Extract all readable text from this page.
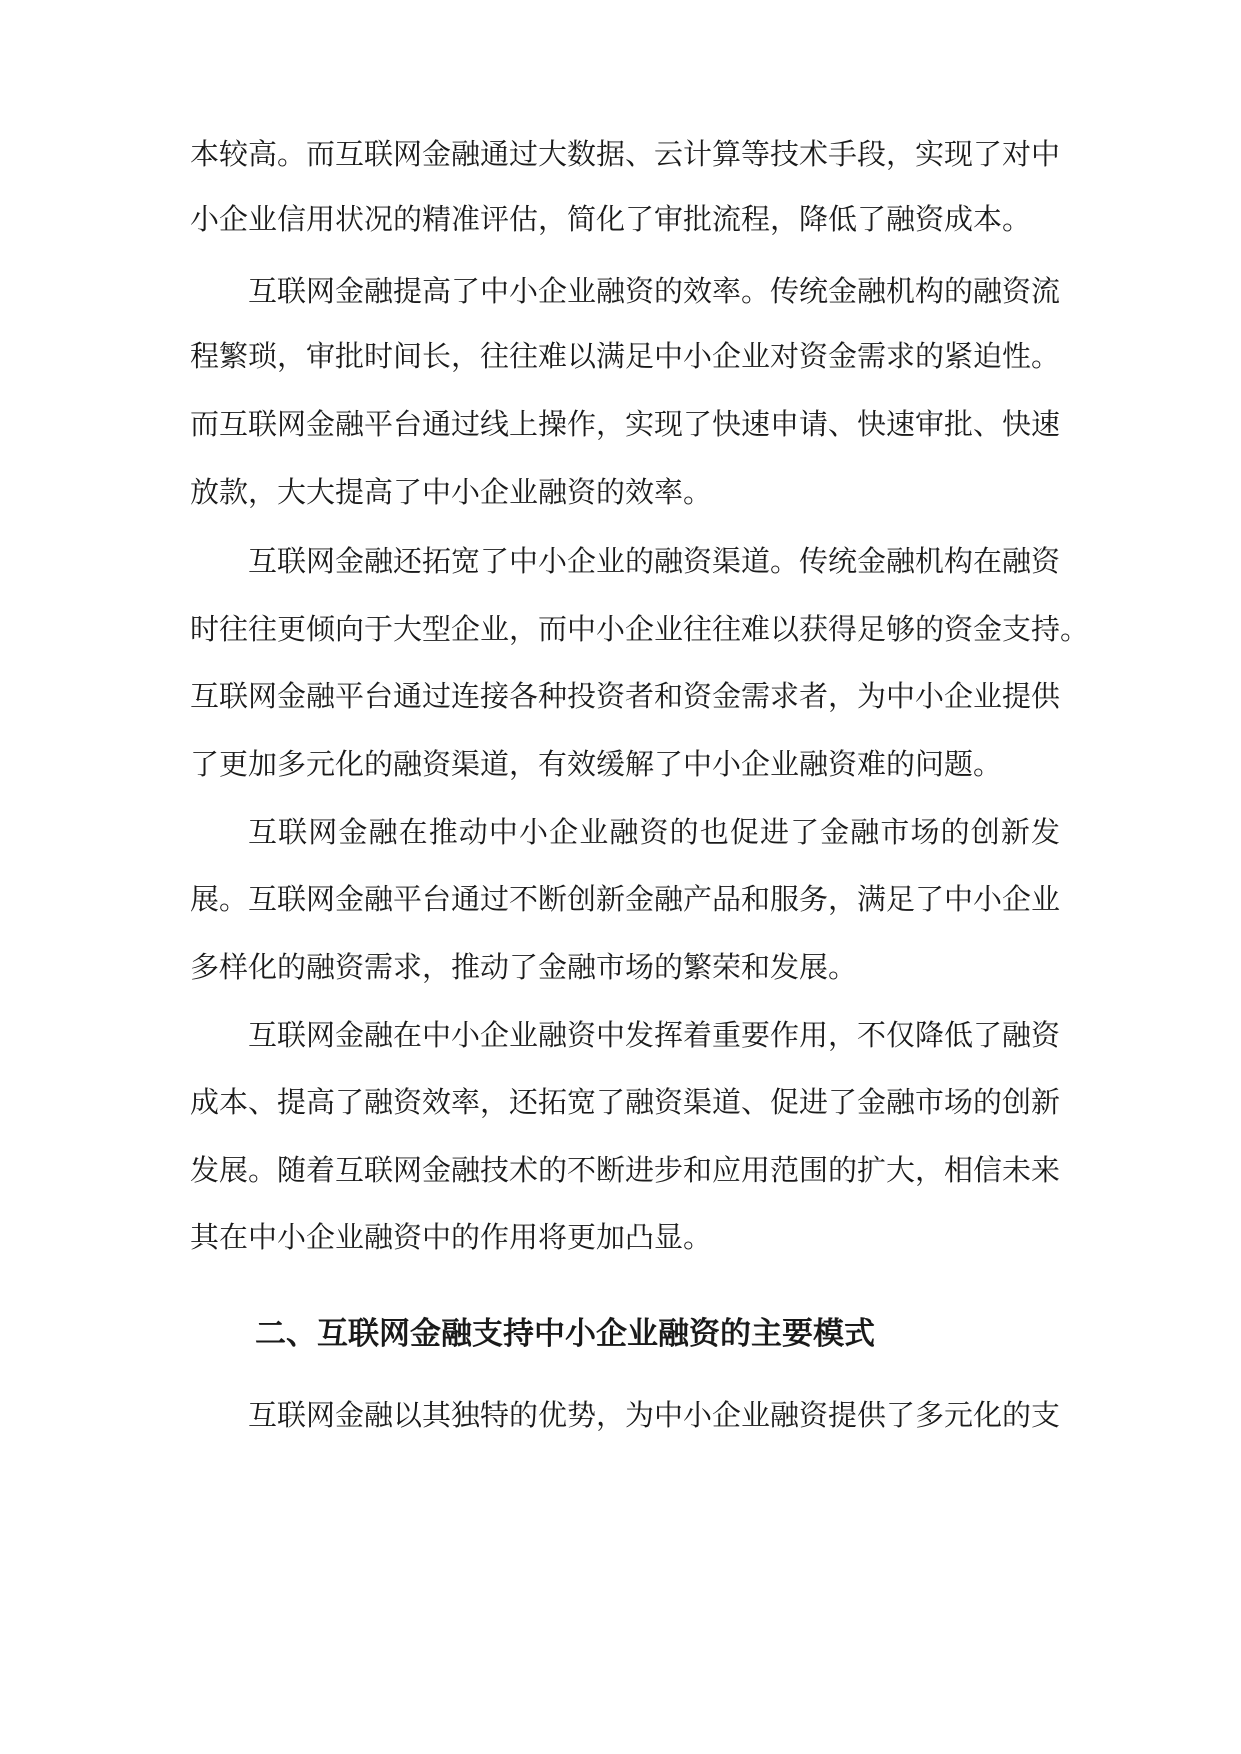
本较高。而互联网金融通过大数据、云计算等技术手段，实现了对中
小企业信用状况的精准评估，简化了审批流程，降低了融资成本。
互联网金融提高了中小企业融资的效率。传统金融机构的融资流
程繁琐，审批时间长，往往难以满足中小企业对资金需求的紧迫性。
而互联网金融平台通过线上操作，实现了快速申请、快速审批、快速
放款，大大提高了中小企业融资的效率。
互联网金融还拓宽了中小企业的融资渠道。传统金融机构在融资
时往往更倾向于大型企业，而中小企业往往难以获得足够的资金支持。
互联网金融平台通过连接各种投资者和资金需求者，为中小企业提供
了更加多元化的融资渠道，有效缓解了中小企业融资难的问题。
互联网金融在推动中小企业融资的也促进了金融市场的创新发
展。互联网金融平台通过不断创新金融产品和服务，满足了中小企业
多样化的融资需求，推动了金融市场的繁荣和发展。
互联网金融在中小企业融资中发挥着重要作用，不仅降低了融资
成本、提高了融资效率，还拓宽了融资渠道、促进了金融市场的创新
发展。随着互联网金融技术的不断进步和应用范围的扩大，相信未来
其在中小企业融资中的作用将更加凸显。
二、互联网金融支持中小企业融资的主要模式
互联网金融以其独特的优势，为中小企业融资提供了多元化的支
